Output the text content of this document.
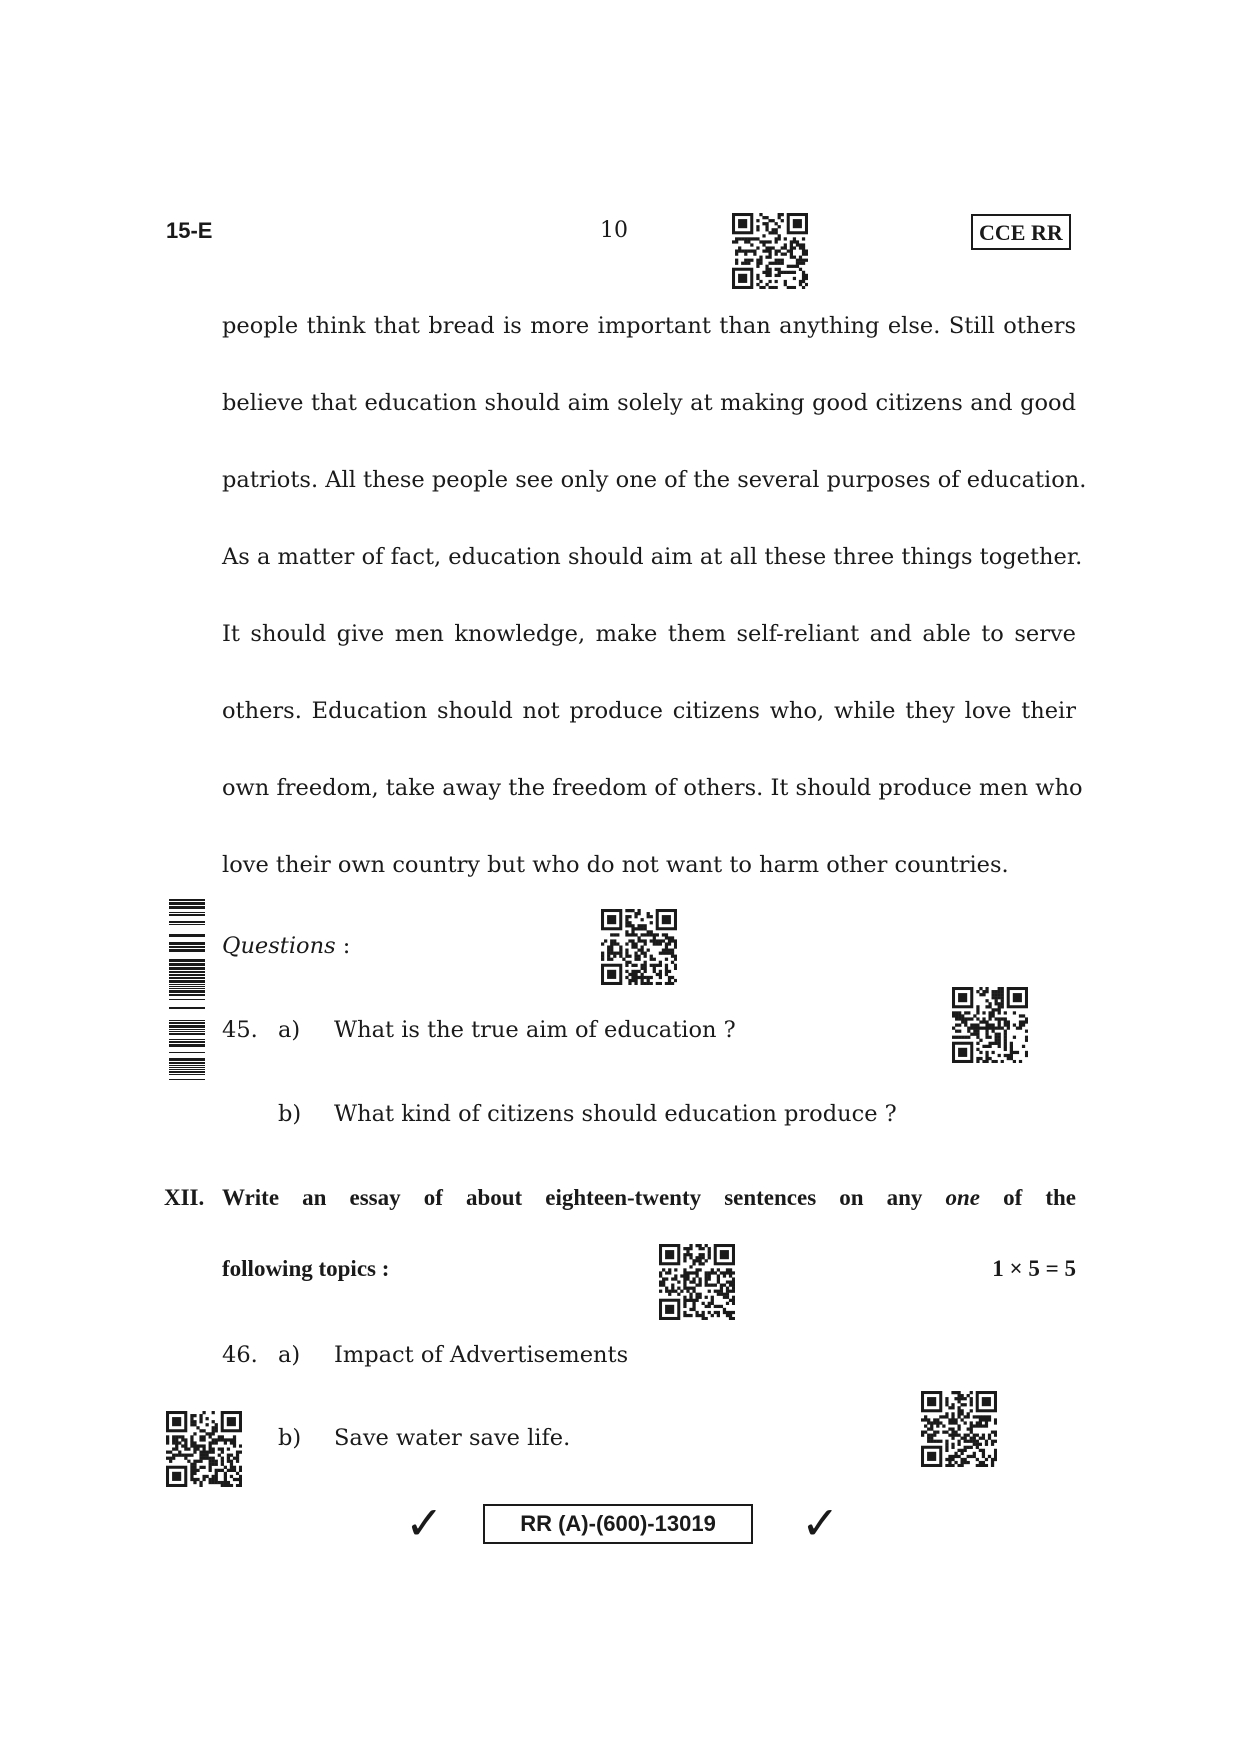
15-E	10	CCE RR
people think that bread is more important than anything else. Still others
believe that education should aim solely at making good citizens and good
patriots. All these people see only one of the several purposes of education.
As a matter of fact, education should aim at all these three things together.
It should give men knowledge, make them self-reliant and able to serve
others. Education should not produce citizens who, while they love their
own freedom, take away the freedom of others. It should produce men who
love their own country but who do not want to harm other countries.
Questions :
45. a) What is the true aim of education ?
b) What kind of citizens should education produce ?
XII. Write an essay of about eighteen-twenty sentences on any one of the
following topics :	1 × 5 = 5
46. a) Impact of Advertisements
b) Save water save life.
✓	RR (A)-(600)-13019	✓
